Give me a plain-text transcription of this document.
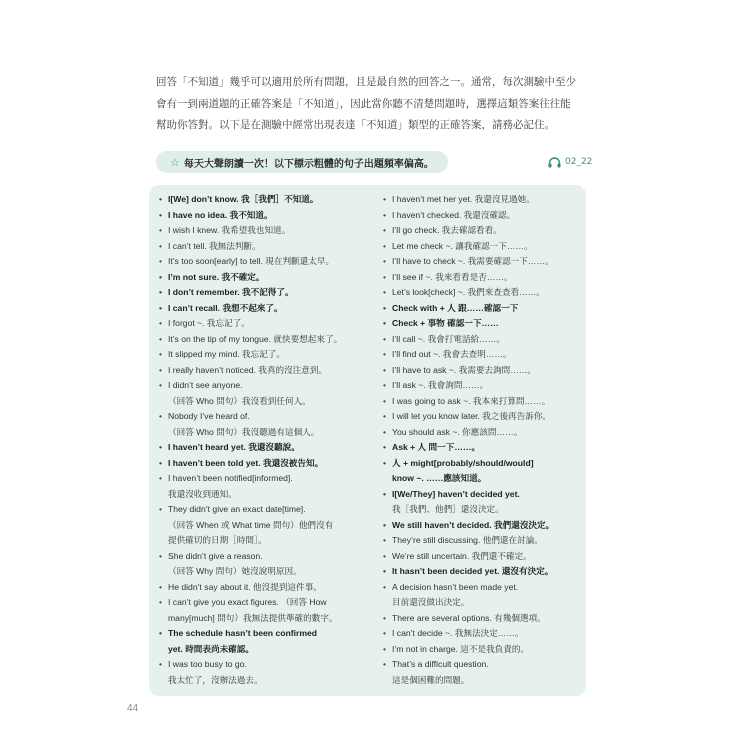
回答「不知道」幾乎可以適用於所有問題，且是最自然的回答之一。通常，每次測驗中至少
會有一到兩道題的正確答案是「不知道」，因此當你聽不清楚問題時，選擇這類答案往往能
幫助你答對。以下是在測驗中經常出現表達「不知道」類型的正確答案，請務必記住。
☆ 每天大聲朗讀一次！以下標示粗體的句子出題頻率偏高。	02_22
• I[We] don’t know. 我［我們］不知道。
• I have no idea. 我不知道。
• I wish I knew. 我希望我也知道。
• I can’t tell. 我無法判斷。
• It’s too soon[early] to tell. 現在判斷還太早。
• I’m not sure. 我不確定。
• I don’t remember. 我不記得了。
• I can’t recall. 我想不起來了。
• I forgot ~. 我忘記了。
• It’s on the tip of my tongue. 就快要想起來了。
• It slipped my mind. 我忘記了。
• I really haven’t noticed. 我真的沒注意到。
• I didn’t see anyone.
（回答 Who 問句）我沒看到任何人。
• Nobody I’ve heard of.
（回答 Who 問句）我沒聽過有這個人。
• I haven’t heard yet. 我還沒聽說。
• I haven’t been told yet. 我還沒被告知。
• I haven’t been notified[informed].
我還沒收到通知。
• They didn’t give an exact date[time].
（回答 When 或 What time 問句）他們沒有
提供確切的日期［時間］。
• She didn’t give a reason.
（回答 Why 問句）她沒說明原因。
• He didn’t say about it. 他沒提到這件事。
• I can’t give you exact figures. （回答 How
many[much] 問句）我無法提供準確的數字。
• The schedule hasn’t been confirmed
yet. 時間表尚未確認。
• I was too busy to go.
我太忙了，沒辦法過去。
• I haven’t met her yet. 我還沒見過她。
• I haven’t checked. 我還沒確認。
• I’ll go check. 我去確認看看。
• Let me check ~. 讓我確認一下……。
• I’ll have to check ~. 我需要確認一下……。
• I’ll see if ~. 我來看看是否……。
• Let’s look[check] ~. 我們來查查看……。
• Check with + 人 跟……確認一下
• Check + 事物 確認一下……
• I’ll call ~. 我會打電話給……。
• I’ll find out ~. 我會去查明……。
• I’ll have to ask ~. 我需要去詢問……。
• I’ll ask ~. 我會詢問……。
• I was going to ask ~. 我本來打算問……。
• I will let you know later. 我之後再告訴你。
• You should ask ~. 你應該問……。
• Ask + 人 問一下……。
• 人 + might[probably/should/would]
know ~. ……應該知道。
• I[We/They] haven’t decided yet.
我［我們、他們］還沒決定。
• We still haven’t decided. 我們還沒決定。
• They’re still discussing. 他們還在討論。
• We’re still uncertain. 我們還不確定。
• It hasn’t been decided yet. 還沒有決定。
• A decision hasn’t been made yet.
目前還沒做出決定。
• There are several options. 有幾個選項。
• I can’t decide ~. 我無法決定……。
• I’m not in charge. 這不是我負責的。
• That’s a difficult question.
這是個困難的問題。
44
